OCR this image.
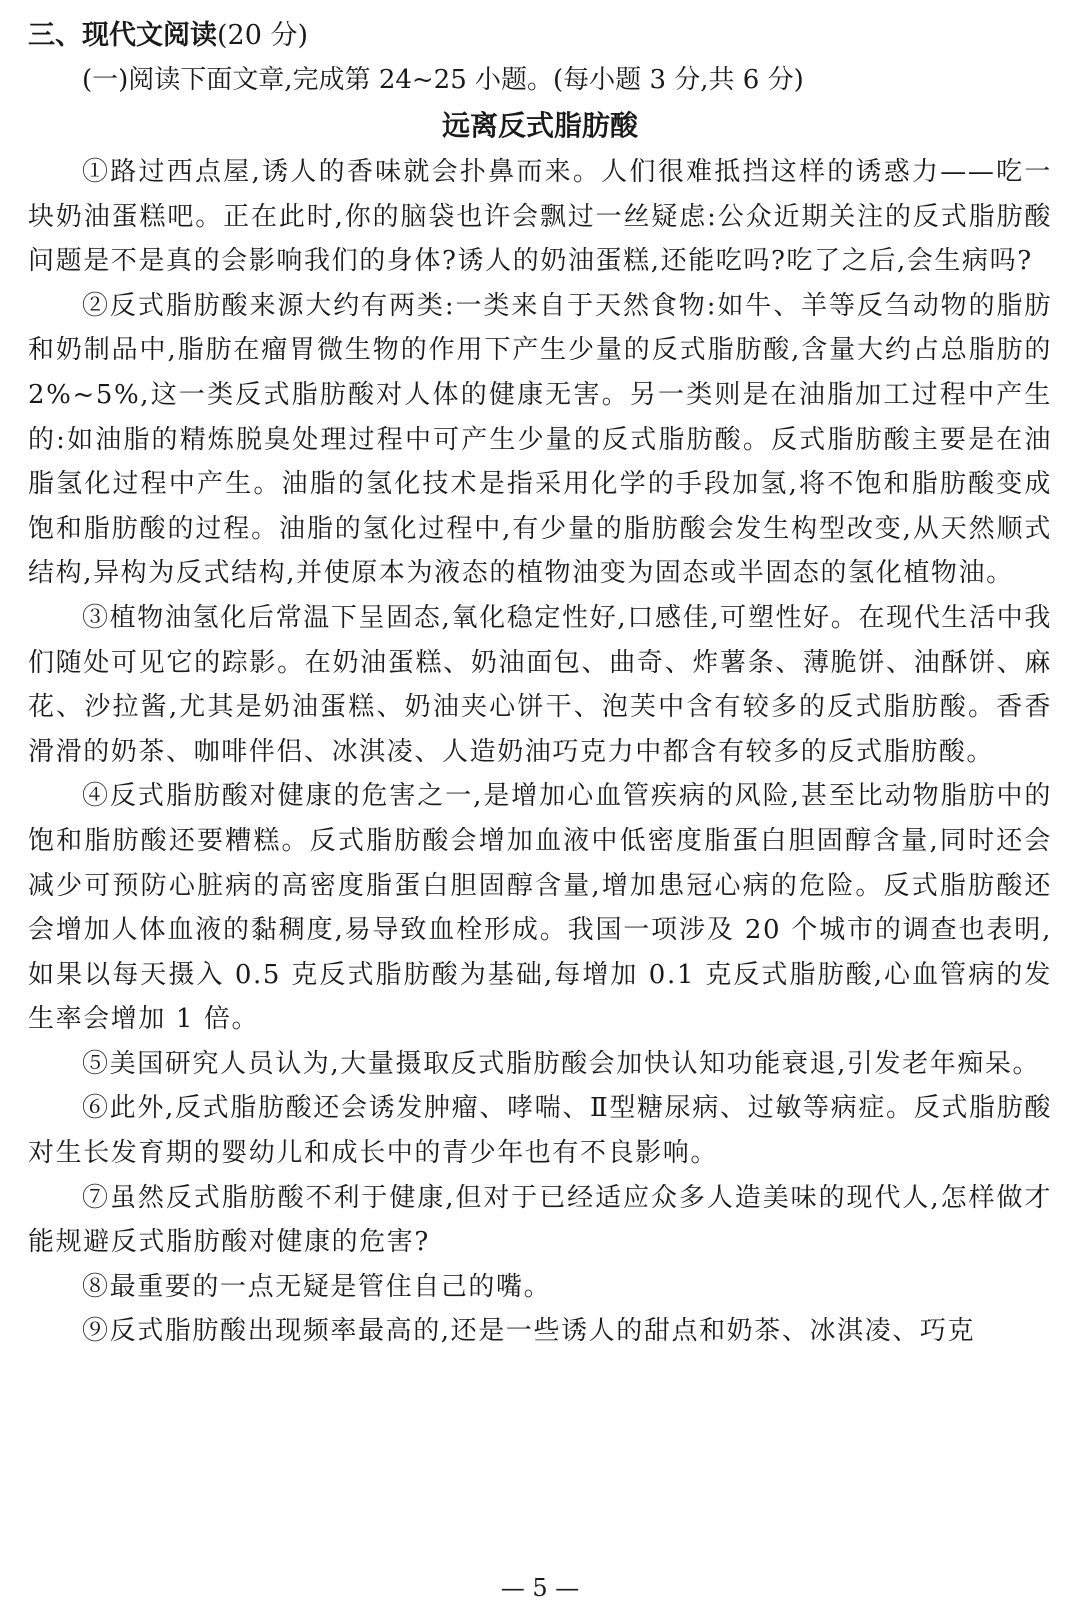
三、现代文阅读(20 分)

(一)阅读下面文章,完成第 24~25 小题。(每小题 3 分,共 6 分)

远离反式脂肪酸

①路过西点屋,诱人的香味就会扑鼻而来。人们很难抵挡这样的诱惑力——吃一块奶油蛋糕吧。正在此时,你的脑袋也许会飘过一丝疑虑:公众近期关注的反式脂肪酸问题是不是真的会影响我们的身体?诱人的奶油蛋糕,还能吃吗?吃了之后,会生病吗?

②反式脂肪酸来源大约有两类:一类来自于天然食物:如牛、羊等反刍动物的脂肪和奶制品中,脂肪在瘤胃微生物的作用下产生少量的反式脂肪酸,含量大约占总脂肪的 2%~5%,这一类反式脂肪酸对人体的健康无害。另一类则是在油脂加工过程中产生的:如油脂的精炼脱臭处理过程中可产生少量的反式脂肪酸。反式脂肪酸主要是在油脂氢化过程中产生。油脂的氢化技术是指采用化学的手段加氢,将不饱和脂肪酸变成饱和脂肪酸的过程。油脂的氢化过程中,有少量的脂肪酸会发生构型改变,从天然顺式结构,异构为反式结构,并使原本为液态的植物油变为固态或半固态的氢化植物油。

③植物油氢化后常温下呈固态,氧化稳定性好,口感佳,可塑性好。在现代生活中我们随处可见它的踪影。在奶油蛋糕、奶油面包、曲奇、炸薯条、薄脆饼、油酥饼、麻花、沙拉酱,尤其是奶油蛋糕、奶油夹心饼干、泡芙中含有较多的反式脂肪酸。香香滑滑的奶茶、咖啡伴侣、冰淇凌、人造奶油巧克力中都含有较多的反式脂肪酸。

④反式脂肪酸对健康的危害之一,是增加心血管疾病的风险,甚至比动物脂肪中的饱和脂肪酸还要糟糕。反式脂肪酸会增加血液中低密度脂蛋白胆固醇含量,同时还会减少可预防心脏病的高密度脂蛋白胆固醇含量,增加患冠心病的危险。反式脂肪酸还会增加人体血液的黏稠度,易导致血栓形成。我国一项涉及 20 个城市的调查也表明,如果以每天摄入 0.5 克反式脂肪酸为基础,每增加 0.1 克反式脂肪酸,心血管病的发生率会增加 1 倍。

⑤美国研究人员认为,大量摄取反式脂肪酸会加快认知功能衰退,引发老年痴呆。

⑥此外,反式脂肪酸还会诱发肿瘤、哮喘、Ⅱ型糖尿病、过敏等病症。反式脂肪酸对生长发育期的婴幼儿和成长中的青少年也有不良影响。

⑦虽然反式脂肪酸不利于健康,但对于已经适应众多人造美味的现代人,怎样做才能规避反式脂肪酸对健康的危害?

⑧最重要的一点无疑是管住自己的嘴。

⑨反式脂肪酸出现频率最高的,还是一些诱人的甜点和奶茶、冰淇凌、巧克

— 5 —
